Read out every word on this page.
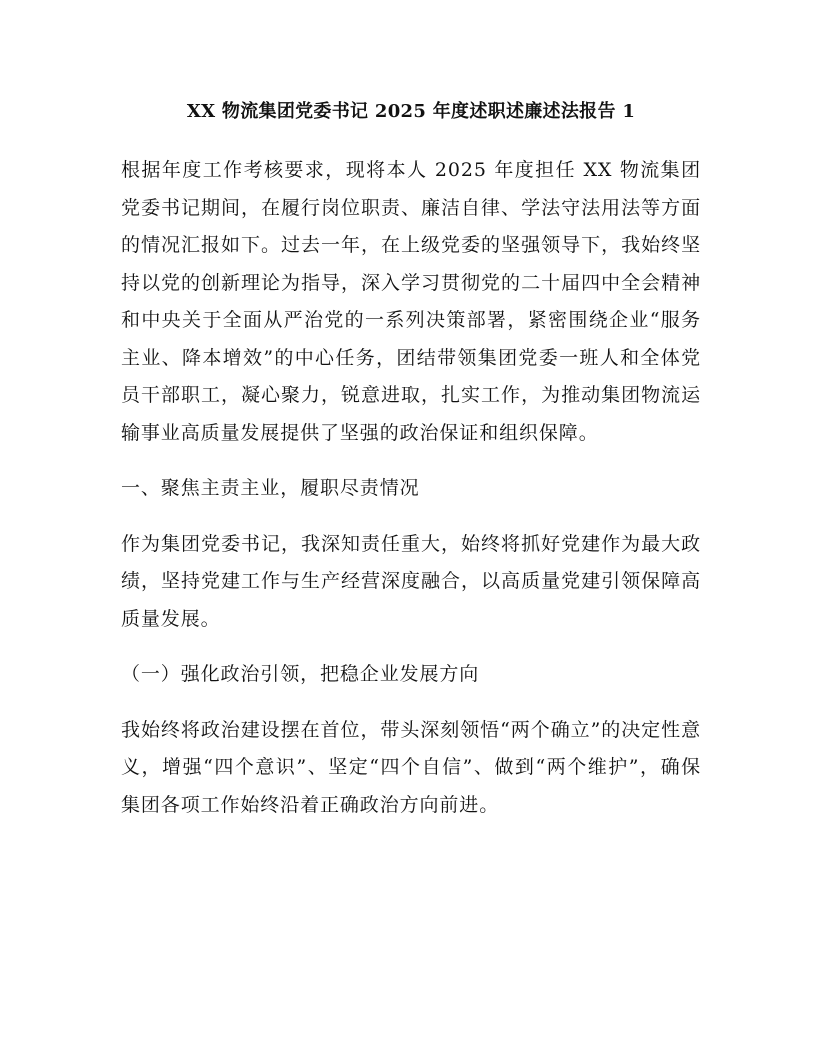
XX 物流集团党委书记 2025 年度述职述廉述法报告 1

根据年度工作考核要求，现将本人 2025 年度担任 XX 物流集团党委书记期间，在履行岗位职责、廉洁自律、学法守法用法等方面的情况汇报如下。过去一年，在上级党委的坚强领导下，我始终坚持以党的创新理论为指导，深入学习贯彻党的二十届四中全会精神和中央关于全面从严治党的一系列决策部署，紧密围绕企业“服务主业、降本增效”的中心任务，团结带领集团党委一班人和全体党员干部职工，凝心聚力，锐意进取，扎实工作，为推动集团物流运输事业高质量发展提供了坚强的政治保证和组织保障。

一、聚焦主责主业，履职尽责情况

作为集团党委书记，我深知责任重大，始终将抓好党建作为最大政绩，坚持党建工作与生产经营深度融合，以高质量党建引领保障高质量发展。

（一）强化政治引领，把稳企业发展方向

我始终将政治建设摆在首位，带头深刻领悟“两个确立”的决定性意义，增强“四个意识”、坚定“四个自信”、做到“两个维护”，确保集团各项工作始终沿着正确政治方向前进。
